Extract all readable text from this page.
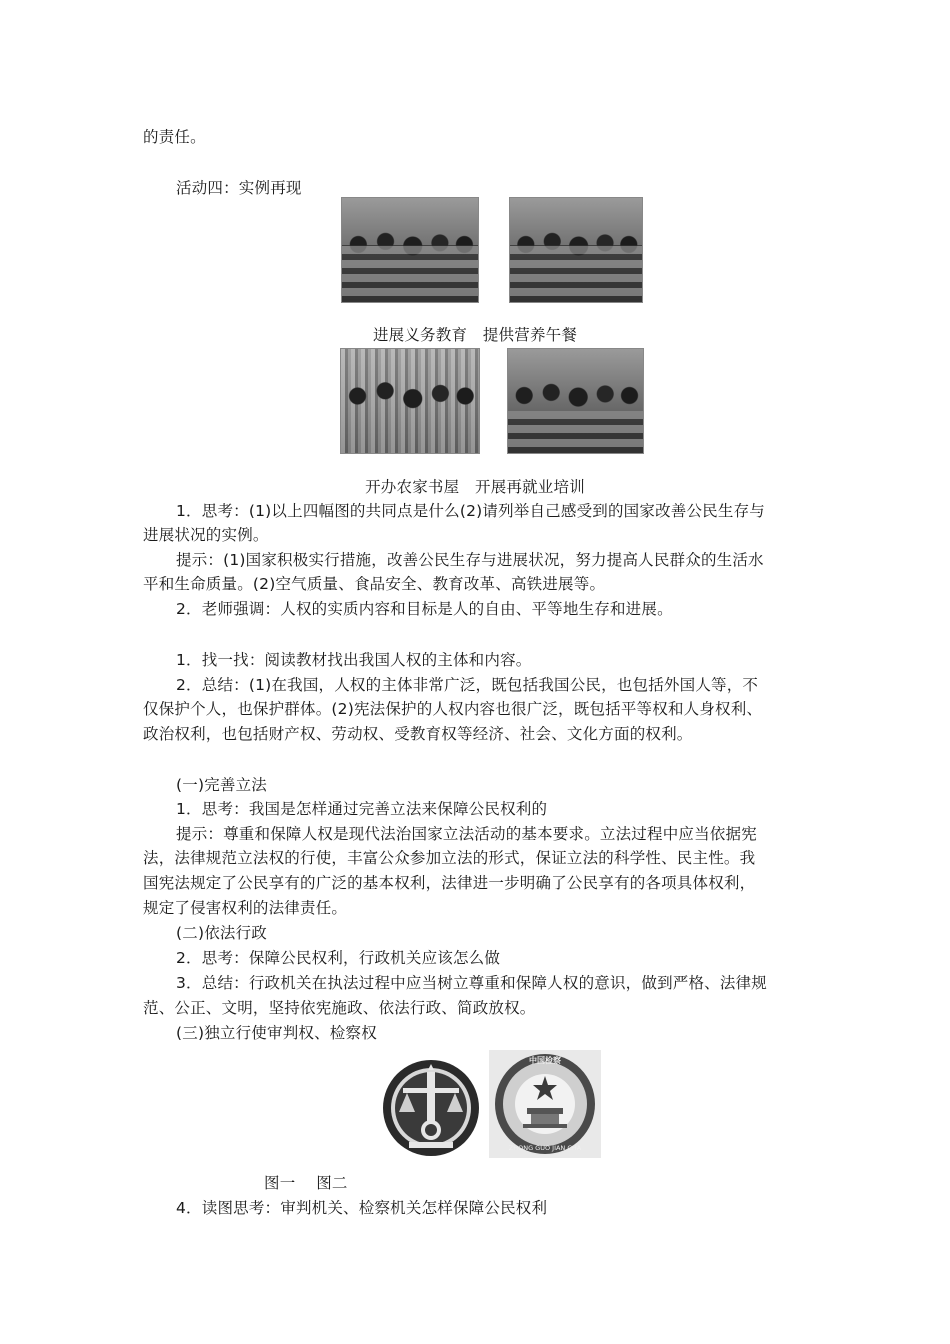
的责任。

活动四：实例再现

进展义务教育　提供营养午餐

开办农家书屋　开展再就业培训

1．思考：(1)以上四幅图的共同点是什么(2)请列举自己感受到的国家改善公民生存与

进展状况的实例。

提示：(1)国家积极实行措施，改善公民生存与进展状况，努力提高人民群众的生活水

平和生命质量。(2)空气质量、食品安全、教育改革、高铁进展等。

2．老师强调：人权的实质内容和目标是人的自由、平等地生存和进展。

1．找一找：阅读教材找出我国人权的主体和内容。

2．总结：(1)在我国，人权的主体非常广泛，既包括我国公民，也包括外国人等，不

仅保护个人，也保护群体。(2)宪法保护的人权内容也很广泛，既包括平等权和人身权利、

政治权利，也包括财产权、劳动权、受教育权等经济、社会、文化方面的权利。

(一)完善立法

1．思考：我国是怎样通过完善立法来保障公民权利的

提示：尊重和保障人权是现代法治国家立法活动的基本要求。立法过程中应当依据宪

法，法律规范立法权的行使，丰富公众参加立法的形式，保证立法的科学性、民主性。我

国宪法规定了公民享有的广泛的基本权利，法律进一步明确了公民享有的各项具体权利，

规定了侵害权利的法律责任。

(二)依法行政

2．思考：保障公民权利，行政机关应该怎么做

3．总结：行政机关在执法过程中应当树立尊重和保障人权的意识，做到严格、法律规

范、公正、文明，坚持依宪施政、依法行政、简政放权。

(三)独立行使审判权、检察权

中国检察
ZHONG GUO JIAN CHA

图一　 图二

4．读图思考：审判机关、检察机关怎样保障公民权利
